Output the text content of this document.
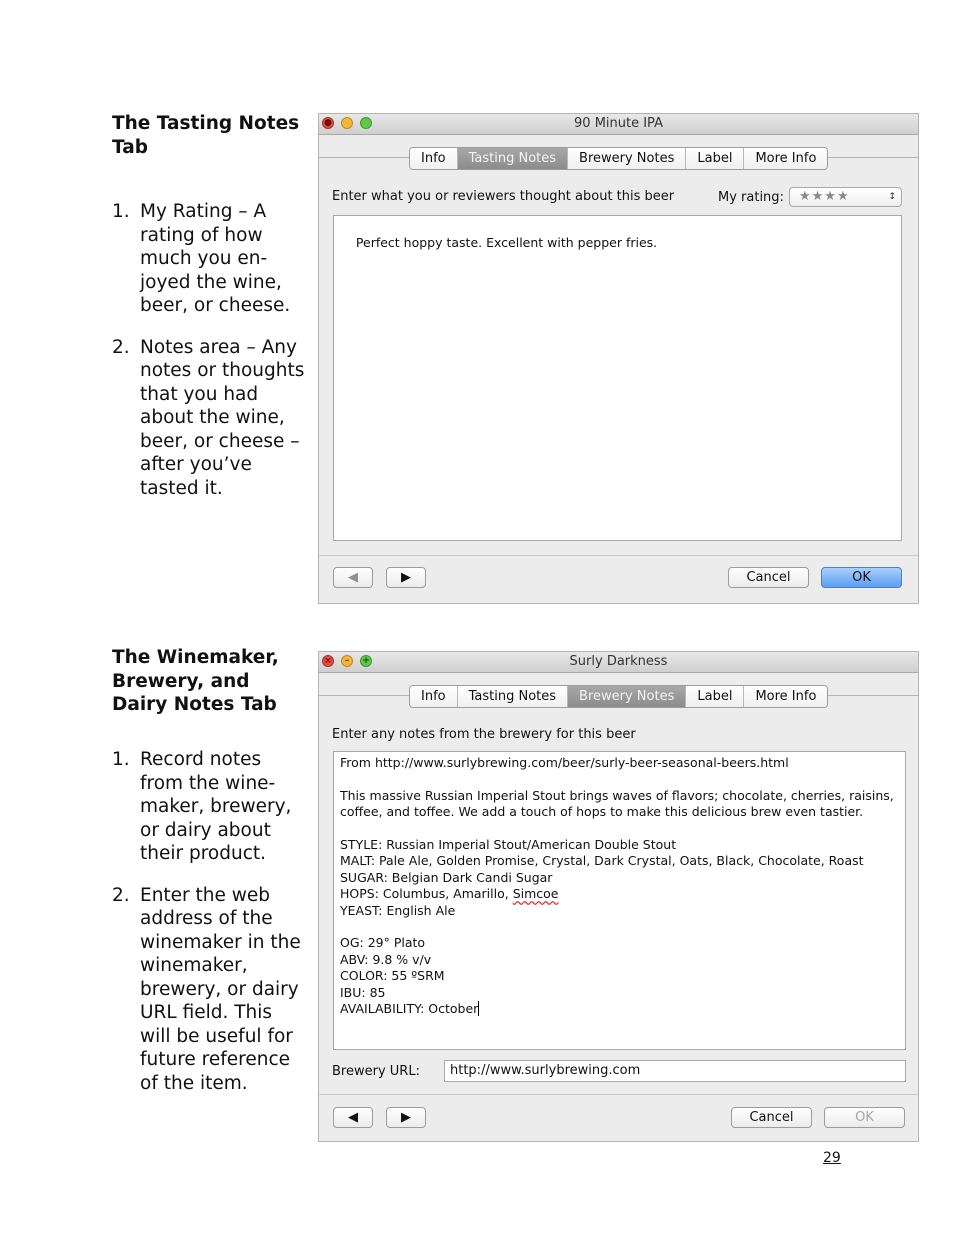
The Tasting Notes Tab
1. My Rating – A rating of how much you en-joyed the wine, beer, or cheese.
2. Notes area – Any notes or thoughts that you had about the wine, beer, or cheese – after you’ve tasted it.
●	90 Minute IPA
Info	Tasting Notes	Brewery Notes	Label	More Info
Enter what you or reviewers thought about this beer	My rating:	★★★★	↕

Perfect hoppy taste. Excellent with pepper fries.

◀	▶	Cancel	OK
The Winemaker, Brewery, and Dairy Notes Tab
1. Record notes from the wine-maker, brewery, or dairy about their product.
2. Enter the web address of the winemaker in the winemaker, brewery, or dairy URL field. This will be useful for future reference of the item.
×	–	+	Surly Darkness
Info	Tasting Notes	Brewery Notes	Label	More Info
Enter any notes from the brewery for this beer

From http://www.surlybrewing.com/beer/surly-beer-seasonal-beers.html

This massive Russian Imperial Stout brings waves of flavors; chocolate, cherries, raisins, coffee, and toffee. We add a touch of hops to make this delicious brew even tastier.

STYLE: Russian Imperial Stout/American Double Stout

MALT: Pale Ale, Golden Promise, Crystal, Dark Crystal, Oats, Black, Chocolate, Roast

SUGAR: Belgian Dark Candi Sugar

HOPS: Columbus, Amarillo, Simcoe

YEAST: English Ale

OG: 29° Plato

ABV: 9.8 % v/v

COLOR: 55 ºSRM

IBU: 85

AVAILABILITY: October

Brewery URL:	http://www.surlybrewing.com
◀	▶	Cancel	OK
29
